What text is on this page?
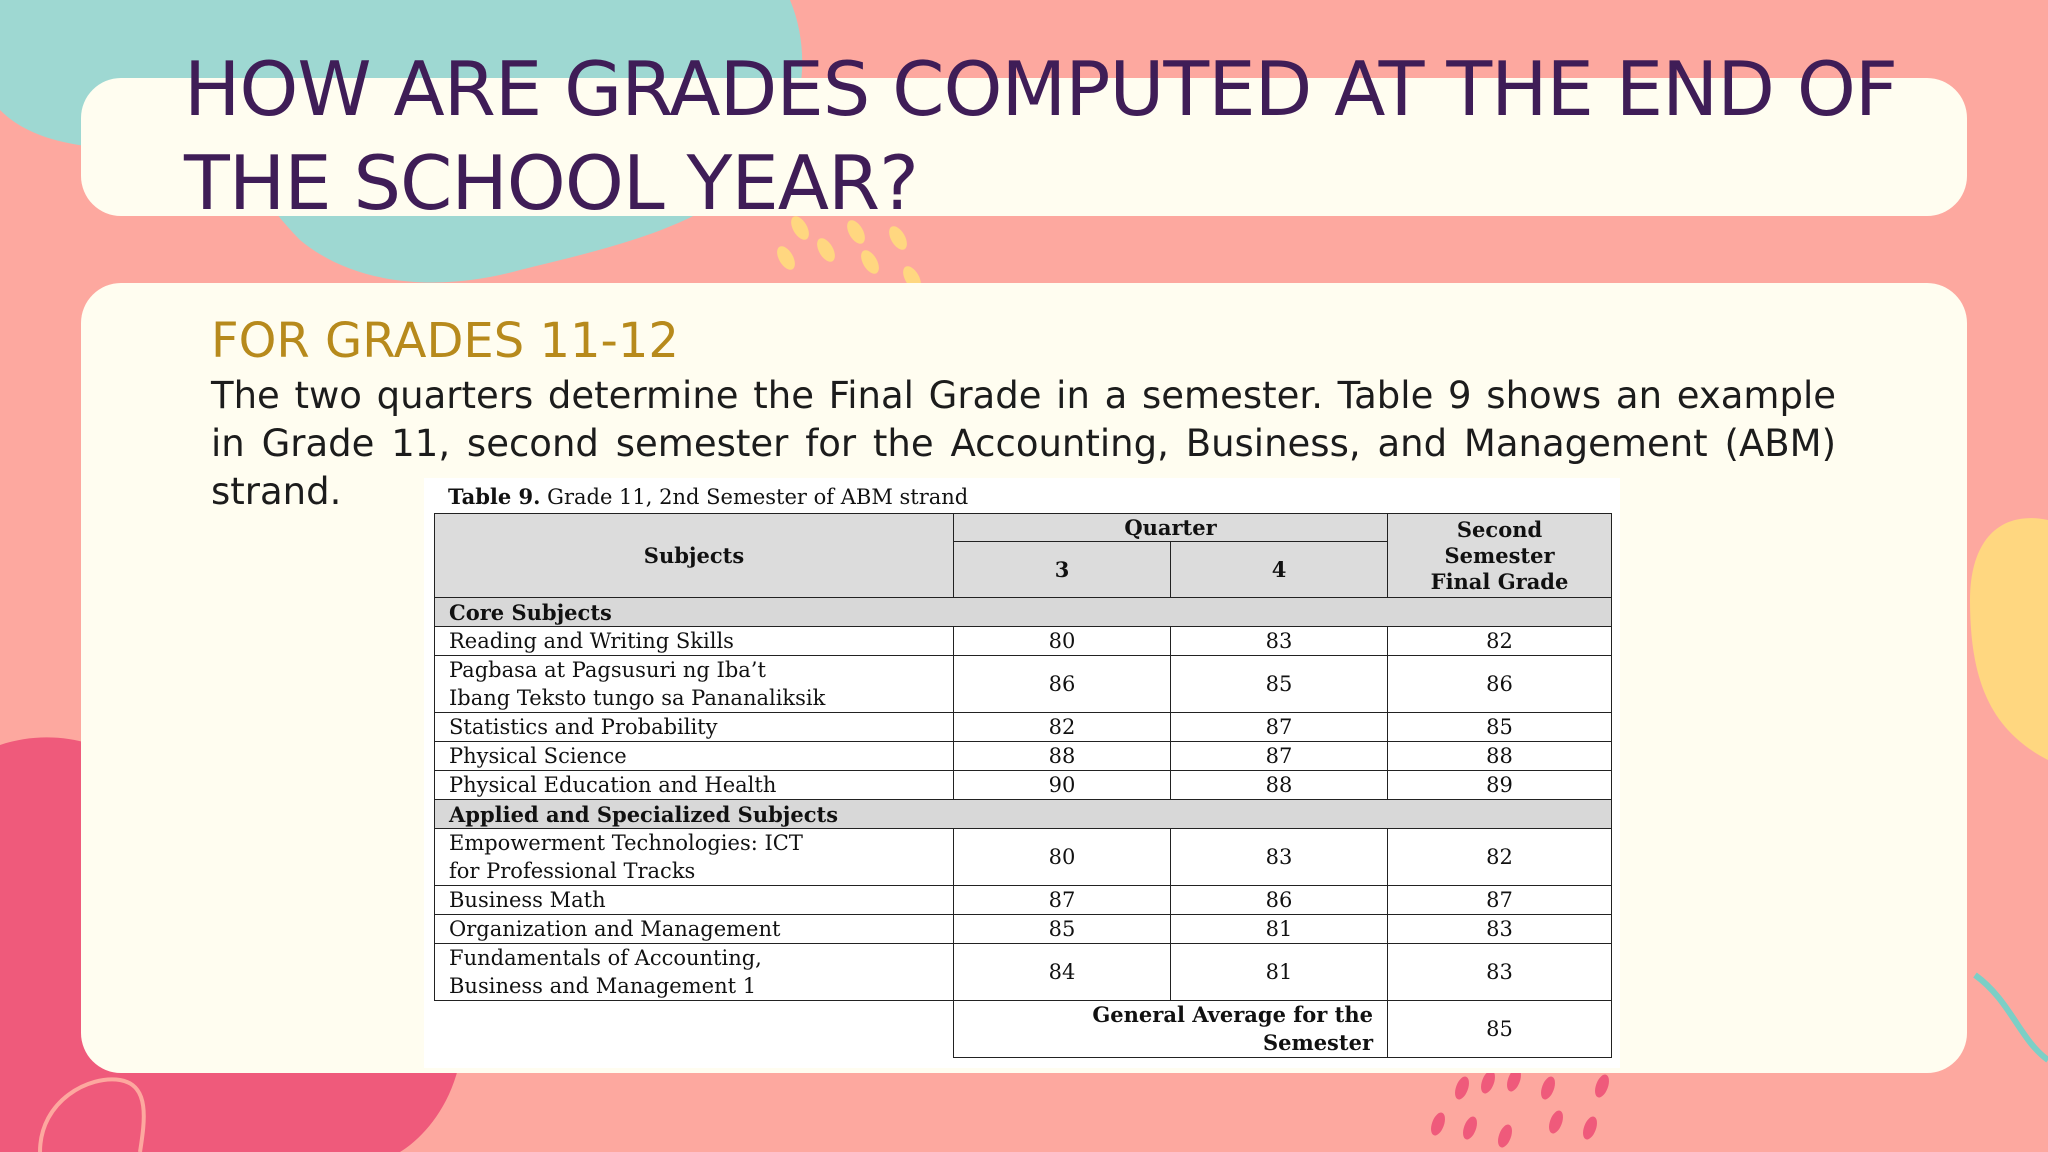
HOW ARE GRADES COMPUTED AT THE END OF THE SCHOOL YEAR?
FOR GRADES 11-12

The two quarters determine the Final Grade in a semester. Table 9 shows an example in Grade 11, second semester for the Accounting, Business, and Management (ABM) strand.	Table 9. Grade 11, 2nd Semester of ABM strand
Subjects	Quarter		Second
Semester
Final Grade
	3	4	
Core Subjects			
Reading and Writing Skills	80	83	82
Pagbasa at Pagsusuri ng Iba’t
Ibang Teksto tungo sa Pananaliksik	86	85	86
Statistics and Probability	82	87	85
Physical Science	88	87	88
Physical Education and Health	90	88	89
Applied and Specialized Subjects			
Empowerment Technologies: ICT
for Professional Tracks	80	83	82
Business Math	87	86	87
Organization and Management	85	81	83
Fundamentals of Accounting,
Business and Management 1	84	81	83
	General Average for the
Semester		85
